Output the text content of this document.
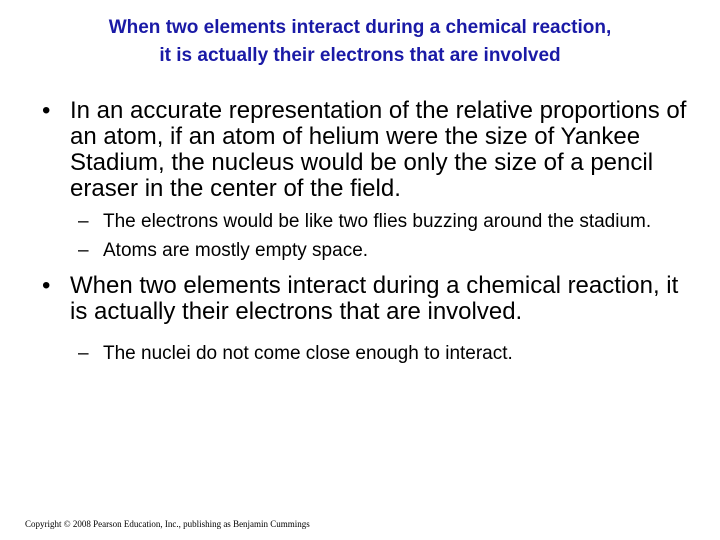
When two elements interact during a chemical reaction,
it is actually their electrons that are involved

• In an accurate representation of the relative proportions of an atom, if an atom of helium were the size of Yankee Stadium, the nucleus would be only the size of a pencil eraser in the center of the field.

– The electrons would be like two flies buzzing around the stadium.

– Atoms are mostly empty space.

• When two elements interact during a chemical reaction, it is actually their electrons that are involved.

– The nuclei do not come close enough to interact.

Copyright © 2008 Pearson Education, Inc., publishing as Benjamin Cummings
